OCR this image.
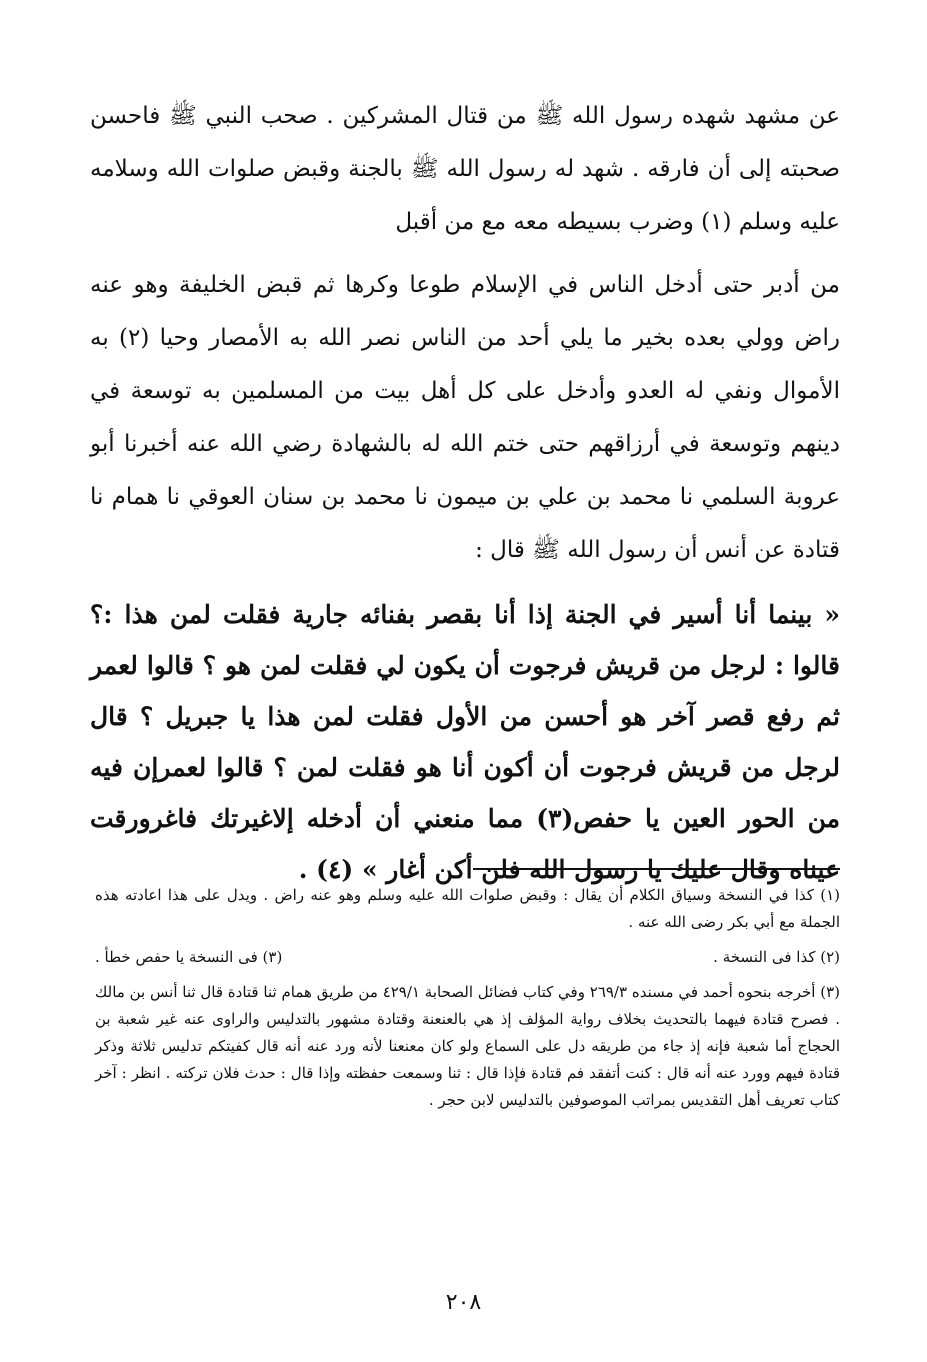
عن مشهد شهده رسول الله ﷺ من قتال المشركين . صحب النبي ﷺ فاحسن صحبته إلى أن فارقه . شهد له رسول الله ﷺ بالجنة وقبض صلوات الله وسلامه عليه وسلم (١) وضرب بسيطه معه مع من أقبل

من أدبر حتى أدخل الناس في الإسلام طوعا وكرها ثم قبض الخليفة وهو عنه راض وولي بعده بخير ما يلي أحد من الناس نصر الله به الأمصار وحيا (٢) به الأموال ونفي له العدو وأدخل على كل أهل بيت من المسلمين به توسعة في دينهم وتوسعة في أرزاقهم حتى ختم الله له بالشهادة رضي الله عنه أخبرنا أبو عروبة السلمي نا محمد بن علي بن ميمون نا محمد بن سنان العوقي نا همام نا قتادة عن أنس أن رسول الله ﷺ قال :

« بينما أنا أسير في الجنة إذا أنا بقصر بفنائه جارية فقلت لمن هذا :؟ قالوا : لرجل من قريش فرجوت أن يكون لي فقلت لمن هو ؟ قالوا لعمر ثم رفع قصر آخر هو أحسن من الأول فقلت لمن هذا يا جبريل ؟ قال لرجل من قريش فرجوت أن أكون أنا هو فقلت لمن ؟ قالوا لعمرإن فيه من الحور العين يا حفص(٣) مما منعني أن أدخله إلاغيرتك فاغرورقت عيناه وقال عليك يا رسول الله فلن أكن أغار » (٤) .

(١) كذا في النسخة وسياق الكلام أن يقال : وقبض صلوات الله عليه وسلم وهو عنه راض . ويدل على هذا اعادته هذه الجملة مع أبي بكر رضى الله عنه .

(٢) كذا فى النسخة .
(٣) فى النسخة يا حفص خطأ .

(٣) أخرجه بنحوه أحمد في مسنده ٢٦٩/٣ وفي كتاب فضائل الصحابة ٤٢٩/١ من طريق همام ثنا قتادة قال ثنا أنس بن مالك . فصرح قتادة فيهما بالتحديث بخلاف رواية المؤلف إذ هي بالعنعنة وقتادة مشهور بالتدليس والراوى عنه غير شعبة بن الحجاج أما شعبة فإنه إذ جاء من طريقه دل على السماع ولو كان معنعنا لأنه ورد عنه أنه قال كفيتكم تدليس ثلاثة وذكر قتادة فيهم وورد عنه أنه قال : كنت أتفقد فم قتادة فإذا قال : ثنا وسمعت حفظته وإذا قال : حدث فلان تركته . انظر : آخر كتاب تعريف أهل التقديس بمراتب الموصوفين بالتدليس لابن حجر .

٢٠٨
